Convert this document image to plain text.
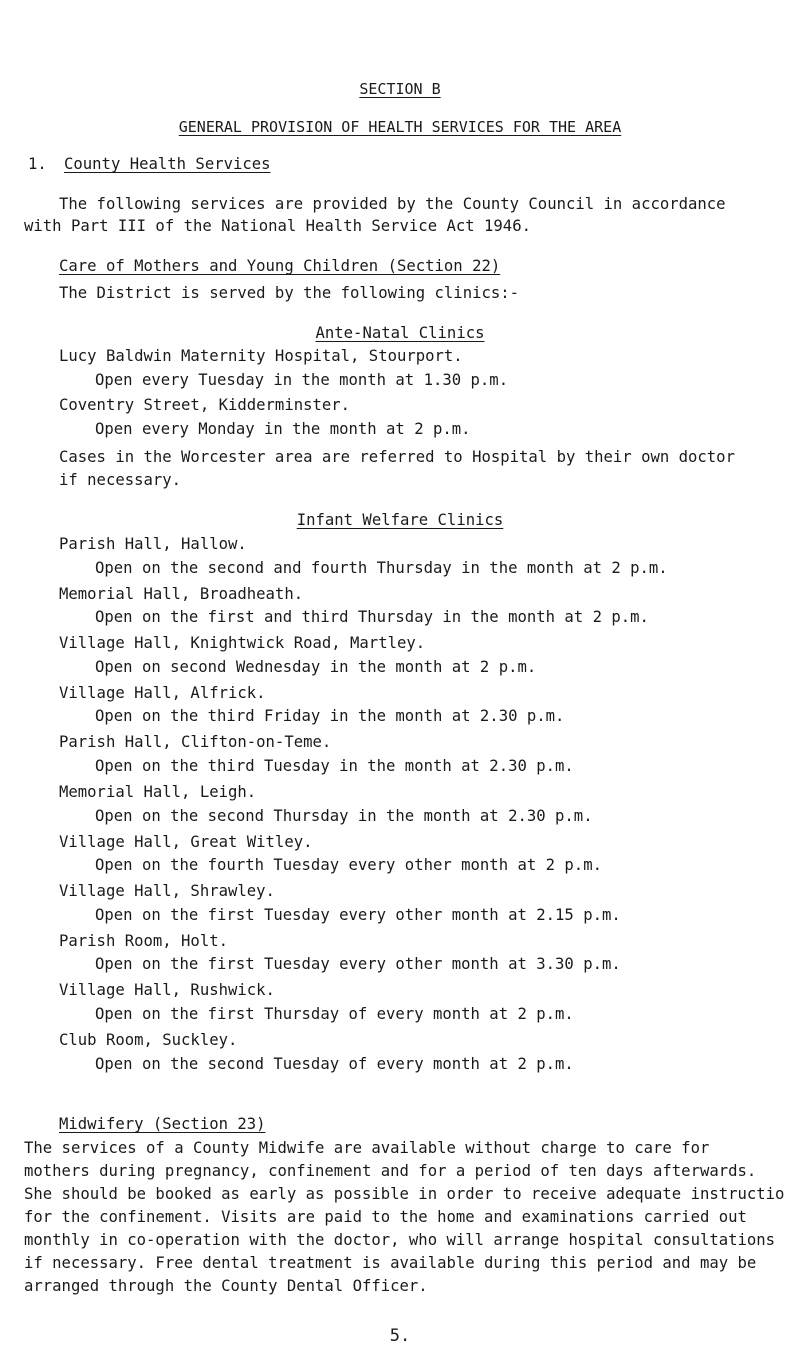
SECTION B
GENERAL PROVISION OF HEALTH SERVICES FOR THE AREA
1. County Health Services
The following services are provided by the County Council in accordance
with Part III of the National Health Service Act 1946.
Care of Mothers and Young Children (Section 22)
The District is served by the following clinics:-
Ante-Natal Clinics
Lucy Baldwin Maternity Hospital, Stourport.
Open every Tuesday in the month at 1.30 p.m.
Coventry Street, Kidderminster.
Open every Monday in the month at 2 p.m.
Cases in the Worcester area are referred to Hospital by their own doctor
if necessary.
Infant Welfare Clinics
Parish Hall, Hallow.
Open on the second and fourth Thursday in the month at 2 p.m.
Memorial Hall, Broadheath.
Open on the first and third Thursday in the month at 2 p.m.
Village Hall, Knightwick Road, Martley.
Open on second Wednesday in the month at 2 p.m.
Village Hall, Alfrick.
Open on the third Friday in the month at 2.30 p.m.
Parish Hall, Clifton-on-Teme.
Open on the third Tuesday in the month at 2.30 p.m.
Memorial Hall, Leigh.
Open on the second Thursday in the month at 2.30 p.m.
Village Hall, Great Witley.
Open on the fourth Tuesday every other month at 2 p.m.
Village Hall, Shrawley.
Open on the first Tuesday every other month at 2.15 p.m.
Parish Room, Holt.
Open on the first Tuesday every other month at 3.30 p.m.
Village Hall, Rushwick.
Open on the first Thursday of every month at 2 p.m.
Club Room, Suckley.
Open on the second Tuesday of every month at 2 p.m.
Midwifery (Section 23)
The services of a County Midwife are available without charge to care for
mothers during pregnancy, confinement and for a period of ten days afterwards.
She should be booked as early as possible in order to receive adequate instructio
for the confinement. Visits are paid to the home and examinations carried out
monthly in co-operation with the doctor, who will arrange hospital consultations
if necessary. Free dental treatment is available during this period and may be
arranged through the County Dental Officer.
5.
